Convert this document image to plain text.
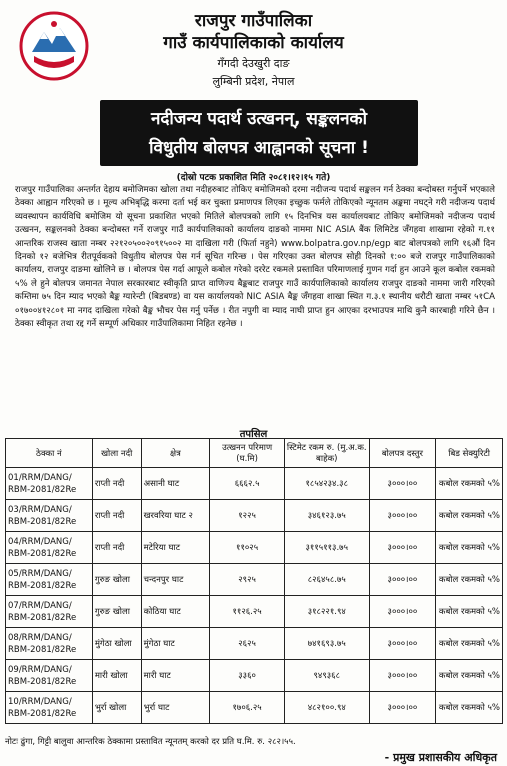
राजपुर गाउँपालिका
गाउँ कार्यपालिकाको कार्यालय
गँगदी देउखुरी दाङ
लुम्बिनी प्रदेश, नेपाल
नदीजन्य पदार्थ उत्खनन्, सङ्कलनको
विधुतीय बोलपत्र आह्वानको सूचना !
(दोस्रो पटक प्रकाशित मिति २०८१।१२।१५ गते)
राजपुर गाउँपालिका अन्तर्गत देहाय बमोजिमका खोला तथा नदीहरुबाट तोकिए बमोजिमको दरमा नदीजन्य पदार्थ सङ्कलन गर्न ठेक्का बन्दोबस्त गर्नुपर्ने भएकाले ठेक्का आह्वान गरिएको छ । मूल्य अभिबृद्धि करमा दर्ता भई कर चुक्ता प्रमाणपत्र लिएका इच्छुक फर्मले तोकिएको न्यूनतम अङ्कमा नघट्ने गरी नदीजन्य पदार्थ व्यवस्थापन कार्यविधि बमोजिम यो सूचना प्रकाशित भएको मितिले बोलपत्रको लागि १५ दिनभित्र यस कार्यालयबाट तोकिए बमोजिमको नदीजन्य पदार्थ उत्खनन, सङ्कलनको ठेक्का बन्दोबस्त गर्ने राजपुर गाउँ कार्यपालिकाको कार्यालय दाङको नाममा NIC ASIA बैंक लिमिटेड जँगहवा शाखामा रहेको ग.११ आन्तरिक राजस्व खाता नम्बर २२१२०५००२०९१५००२ मा दाखिला गरी (फिर्ता नहुने) www.bolpatra.gov.np/egp बाट बोलपत्रको लागि १६औं दिन दिनको १२ बजेभित्र रीतपूर्वकको विधुतीय बोलपत्र पेस गर्न सूचित गरिन्छ । पेस गरिएका उक्त बोलपत्र सोही दिनको १:०० बजे राजपुर गाउँपालिकाको कार्यालय, राजपुर दाङमा खोलिने छ । बोलपत्र पेस गर्दा आफूले कबोल गरेको दररेट रकमले प्रस्तावित परिमाणलाई गुणन गर्दा हुन आउने कूल कबोल रकमको ५% ले हुने बोलपत्र जमानत नेपाल सरकारबाट स्वीकृति प्राप्त वाणिज्य बैङ्कबाट राजपुर गाउँ कार्यपालिकाको कार्यालय राजपुर दाङको नाममा जारी गरिएको कम्तिमा ७५ दिन म्याद भएको बैङ्क ग्यारेन्टी (बिडबण्ड) वा यस कार्यालयको NIC ASIA बैङ्क जँगहवा शाखा स्थित ग.३.१ स्थानीय धरौटी खाता नम्बर ५१CA ०१७००४१२८०१ मा नगद दाखिला गरेको बैङ्क भौचर पेस गर्नु पर्नेछ । रीत नपुगी वा म्याद नाघी प्राप्त हुन आएका दरभाउपत्र माथि कुनै कारबाही गरिने छैन । ठेक्का स्वीकृत तथा रद्द गर्ने सम्पूर्ण अधिकार गाउँपालिकामा निहित रहनेछ ।
तपसिल
ठेक्का नं	खोला नदी	क्षेत्र	उत्खनन परिमाण (घ.मि)	स्टिमेट रकम रु. (मु.अ.क. बाहेक)	बोलपत्र दस्तुर	बिड सेक्युरिटी
01/RRM/DANG/ RBM-2081/82Re	राप्ती नदी	असानी घाट	६६६२.५	१८५४२३४.३८	३०००।००	कबोल रकमको ५%
03/RRM/DANG/ RBM-2081/82Re	राप्ती नदी	खरवरिया घाट २	१२२५	३४६१२३.७५	३०००।००	कबोल रकमको ५%
04/RRM/DANG/ RBM-2081/82Re	राप्ती नदी	मटेरिया घाट	११०२५	३११५११३.७५	३०००।००	कबोल रकमको ५%
05/RRM/DANG/ RBM-2081/82Re	गुरुङ खोला	चन्दनपुर घाट	२९२५	८२६४५८.७५	३०००।००	कबोल रकमको ५%
07/RRM/DANG/ RBM-2081/82Re	गुरुङ खोला	कोठिया घाट	११२६.२५	३१८२२१.९४	३०००।००	कबोल रकमको ५%
08/RRM/DANG/ RBM-2081/82Re	मुंगेठा खोला	मुंगेठा घाट	२६२५	७४१६९३.७५	३०००।००	कबोल रकमको ५%
09/RRM/DANG/ RBM-2081/82Re	मारी खोला	मारी घाट	३३६०	९४९३६८	३०००।००	कबोल रकमको ५%
10/RRM/DANG/ RBM-2081/82Re	भुर्रा खोला	भुर्रा घाट	१७०६.२५	४८२१००.९४	३०००।००	कबोल रकमको ५%
नोटः ढुंगा, गिट्टी बालुवा आन्तरिक ठेक्कामा प्रस्तावित न्यूनतम् करको दर प्रति घ.मि. रु. २८२।५५.
- प्रमुख प्रशासकीय अधिकृत
